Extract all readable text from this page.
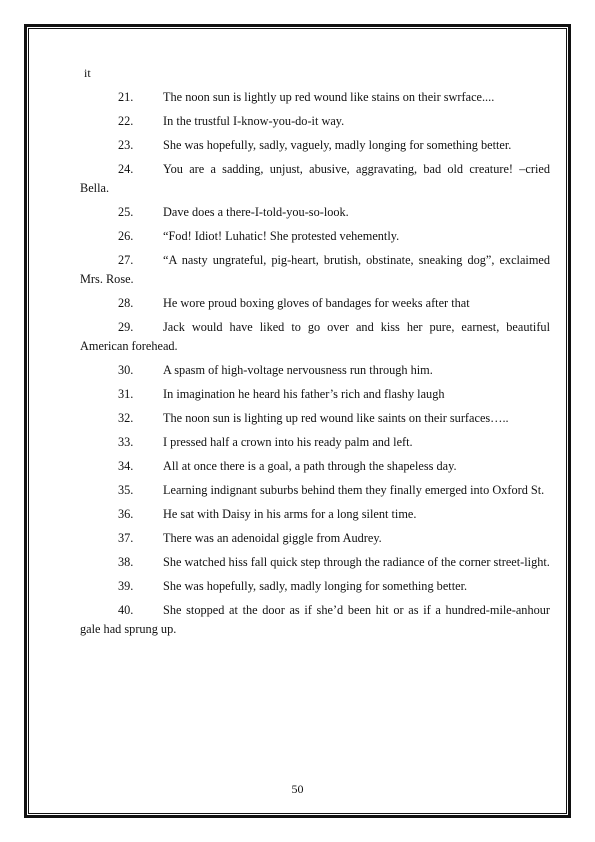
it
21. The noon sun is lightly up red wound like stains on their swrface....
22. In the trustful I-know-you-do-it way.
23. She was hopefully, sadly, vaguely, madly longing for something better.
24. You are a sadding, unjust, abusive, aggravating, bad old creature! –cried Bella.
25. Dave does a there-I-told-you-so-look.
26. “Fod! Idiot! Luhatic! She protested vehemently.
27. “A nasty ungrateful, pig-heart, brutish, obstinate, sneaking dog”, exclaimed Mrs. Rose.
28. He wore proud boxing gloves of bandages for weeks after that
29. Jack would have liked to go over and kiss her pure, earnest, beautiful American forehead.
30. A spasm of high-voltage nervousness run through him.
31. In imagination he heard his father’s rich and flashy laugh
32. The noon sun is lighting up red wound like saints on their surfaces…..
33. I pressed half a crown into his ready palm and left.
34. All at once there is a goal, a path through the shapeless day.
35. Learning indignant suburbs behind them they finally emerged into Oxford St.
36. He sat with Daisy in his arms for a long silent time.
37. There was an adenoidal giggle from Audrey.
38. She watched hiss fall quick step through the radiance of the corner street-light.
39. She was hopefully, sadly, madly longing for something better.
40. She stopped at the door as if she’d been hit or as if a hundred-mile-anhour gale had sprung up.
50
